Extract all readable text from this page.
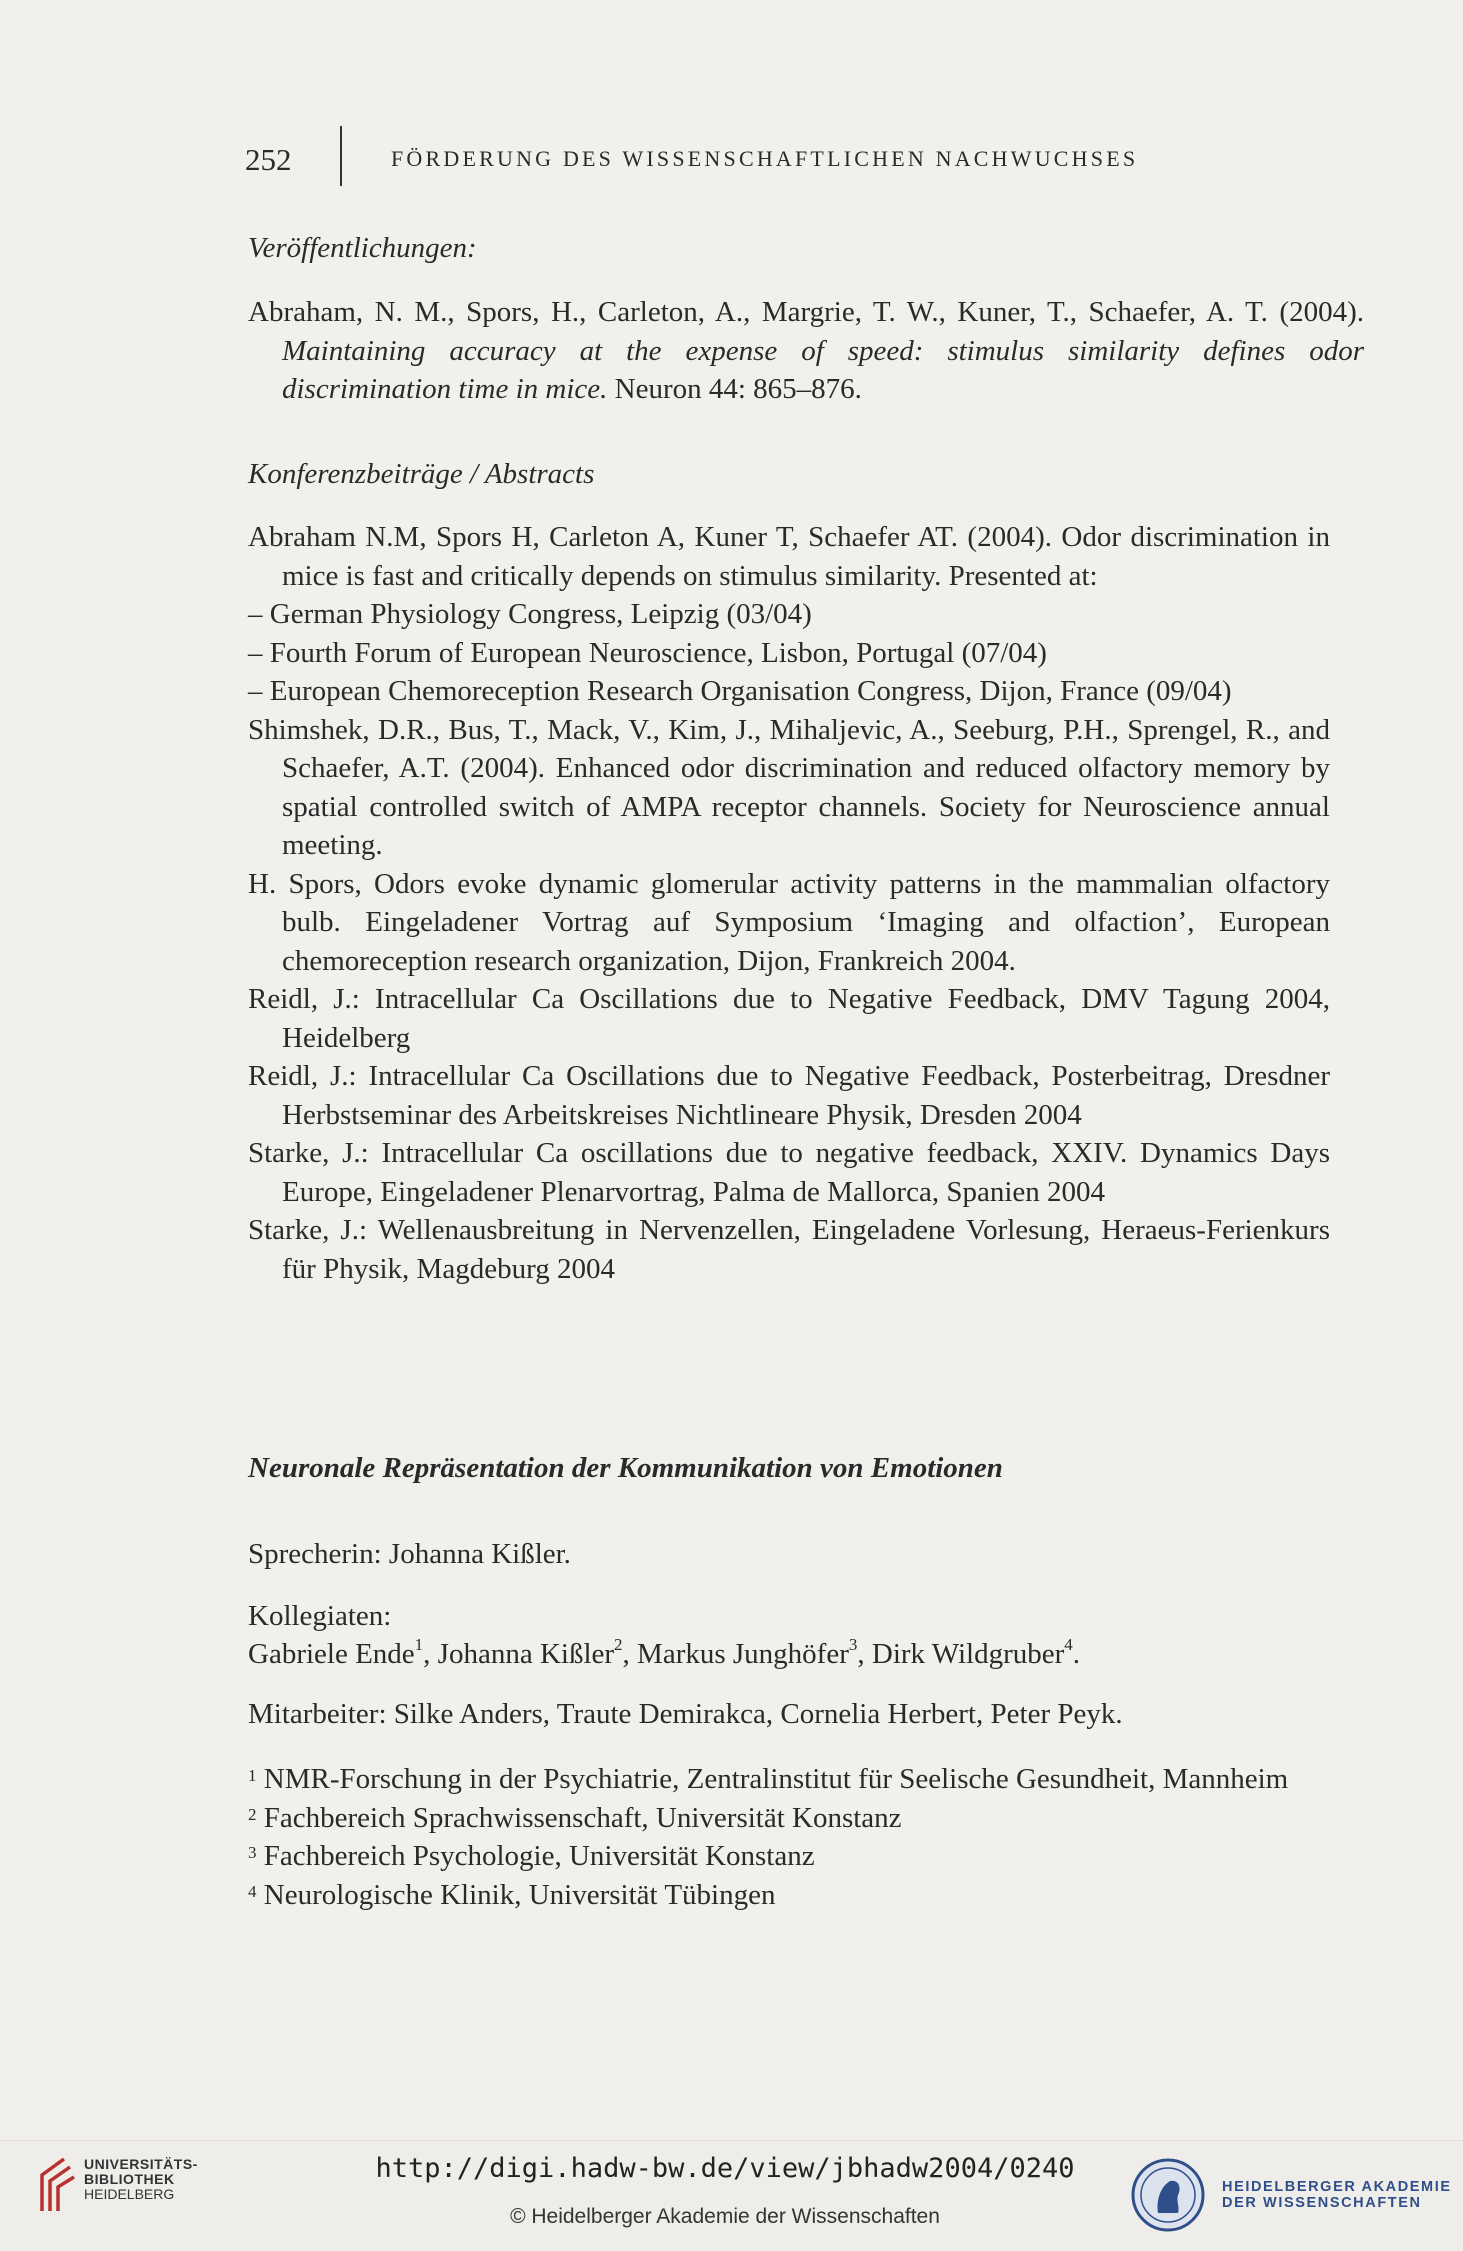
252	FÖRDERUNG DES WISSENSCHAFTLICHEN NACHWUCHSES
Veröffentlichungen:
Abraham, N. M., Spors, H., Carleton, A., Margrie, T. W., Kuner, T., Schaefer, A. T. (2004). Maintaining accuracy at the expense of speed: stimulus similarity defines odor discrimination time in mice. Neuron 44: 865–876.
Konferenzbeiträge / Abstracts
Abraham N.M, Spors H, Carleton A, Kuner T, Schaefer AT. (2004). Odor discrimination in mice is fast and critically depends on stimulus similarity. Presented at:
– German Physiology Congress, Leipzig (03/04)
– Fourth Forum of European Neuroscience, Lisbon, Portugal (07/04)
– European Chemoreception Research Organisation Congress, Dijon, France (09/04)
Shimshek, D.R., Bus, T., Mack, V., Kim, J., Mihaljevic, A., Seeburg, P.H., Sprengel, R., and Schaefer, A.T. (2004). Enhanced odor discrimination and reduced olfactory memory by spatial controlled switch of AMPA receptor channels. Society for Neuroscience annual meeting.
H. Spors, Odors evoke dynamic glomerular activity patterns in the mammalian olfactory bulb. Eingeladener Vortrag auf Symposium ‘Imaging and olfaction’, European chemoreception research organization, Dijon, Frankreich 2004.
Reidl, J.: Intracellular Ca Oscillations due to Negative Feedback, DMV Tagung 2004, Heidelberg
Reidl, J.: Intracellular Ca Oscillations due to Negative Feedback, Posterbeitrag, Dresdner Herbstseminar des Arbeitskreises Nichtlineare Physik, Dresden 2004
Starke, J.: Intracellular Ca oscillations due to negative feedback, XXIV. Dynamics Days Europe, Eingeladener Plenarvortrag, Palma de Mallorca, Spanien 2004
Starke, J.: Wellenausbreitung in Nervenzellen, Eingeladene Vorlesung, Heraeus-Ferienkurs für Physik, Magdeburg 2004
Neuronale Repräsentation der Kommunikation von Emotionen
Sprecherin: Johanna Kißler.
Kollegiaten:
Gabriele Ende$^1$, Johanna Kißler$^2$, Markus Junghöfer$^3$, Dirk Wildgruber$^4$.
Mitarbeiter: Silke Anders, Traute Demirakca, Cornelia Herbert, Peter Peyk.
$^1$ NMR-Forschung in der Psychiatrie, Zentralinstitut für Seelische Gesundheit, Mannheim
$^2$ Fachbereich Sprachwissenschaft, Universität Konstanz
$^3$ Fachbereich Psychologie, Universität Konstanz
$^4$ Neurologische Klinik, Universität Tübingen
UNIVERSITÄTS-
BIBLIOTHEK
HEIDELBERG
http://digi.hadw-bw.de/view/jbhadw2004/0240
© Heidelberger Akademie der Wissenschaften
HEIDELBERGER AKADEMIE
DER WISSENSCHAFTEN
